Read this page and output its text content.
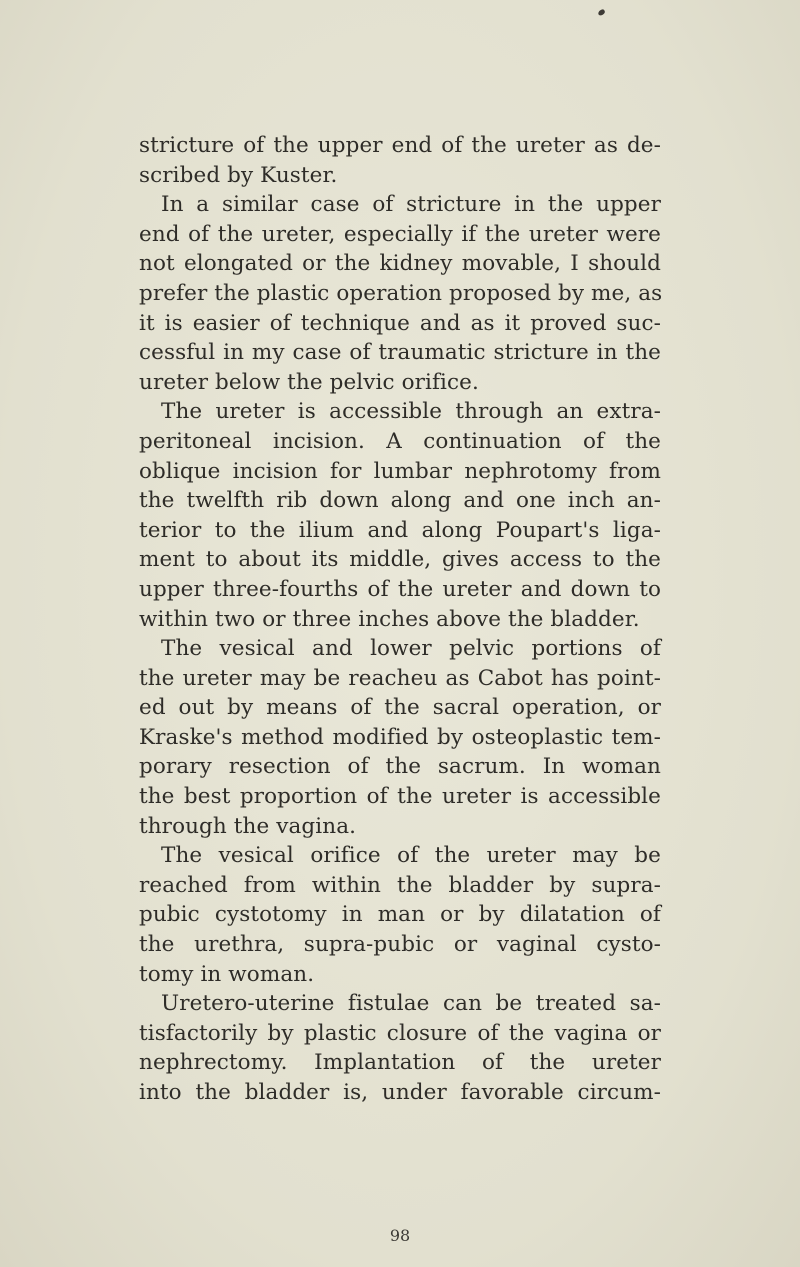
stricture of the upper end of the ureter as de-
scribed by Kuster.
In a similar case of stricture in the upper
end of the ureter, especially if the ureter were
not elongated or the kidney movable, I should
prefer the plastic operation proposed by me, as
it is easier of technique and as it proved suc-
cessful in my case of traumatic stricture in the
ureter below the pelvic orifice.
The ureter is accessible through an extra-
peritoneal incision. A continuation of the
oblique incision for lumbar nephrotomy from
the twelfth rib down along and one inch an-
terior to the ilium and along Poupart's liga-
ment to about its middle, gives access to the
upper three-fourths of the ureter and down to
within two or three inches above the bladder.
The vesical and lower pelvic portions of
the ureter may be reacheu as Cabot has point-
ed out by means of the sacral operation, or
Kraske's method modified by osteoplastic tem-
porary resection of the sacrum. In woman
the best proportion of the ureter is accessible
through the vagina.
The vesical orifice of the ureter may be
reached from within the bladder by supra-
pubic cystotomy in man or by dilatation of
the urethra, supra-pubic or vaginal cysto-
tomy in woman.
Uretero-uterine fistulae can be treated sa-
tisfactorily by plastic closure of the vagina or
nephrectomy. Implantation of the ureter
into the bladder is, under favorable circum-
98
